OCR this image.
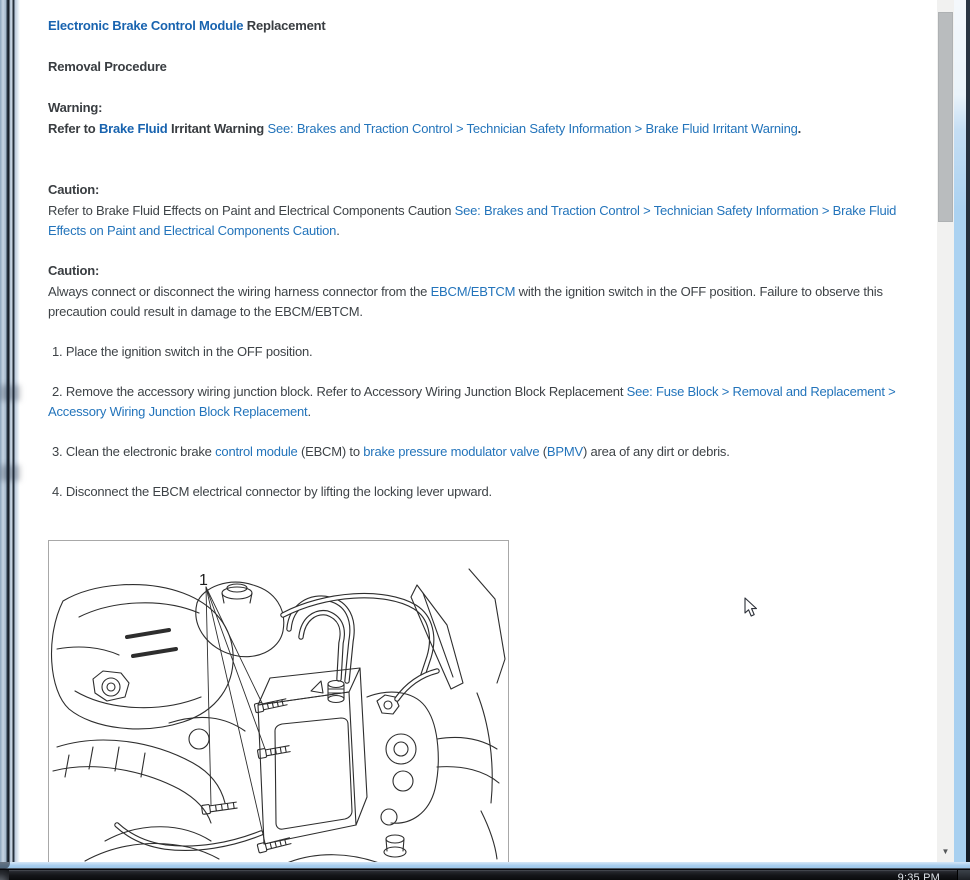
Electronic Brake Control Module Replacement
Removal Procedure
Warning:
Refer to Brake Fluid Irritant Warning See: Brakes and Traction Control > Technician Safety Information > Brake Fluid Irritant Warning.
Caution:
Refer to Brake Fluid Effects on Paint and Electrical Components Caution See: Brakes and Traction Control > Technician Safety Information > Brake Fluid Effects on Paint and Electrical Components Caution.
Caution:
Always connect or disconnect the wiring harness connector from the EBCM/EBTCM with the ignition switch in the OFF position. Failure to observe this precaution could result in damage to the EBCM/EBTCM.
1. Place the ignition switch in the OFF position.
2. Remove the accessory wiring junction block. Refer to Accessory Wiring Junction Block Replacement See: Fuse Block > Removal and Replacement > Accessory Wiring Junction Block Replacement.
3. Clean the electronic brake control module (EBCM) to brake pressure modulator valve (BPMV) area of any dirt or debris.
4. Disconnect the EBCM electrical connector by lifting the locking lever upward.
1
▼
9:35 PM
